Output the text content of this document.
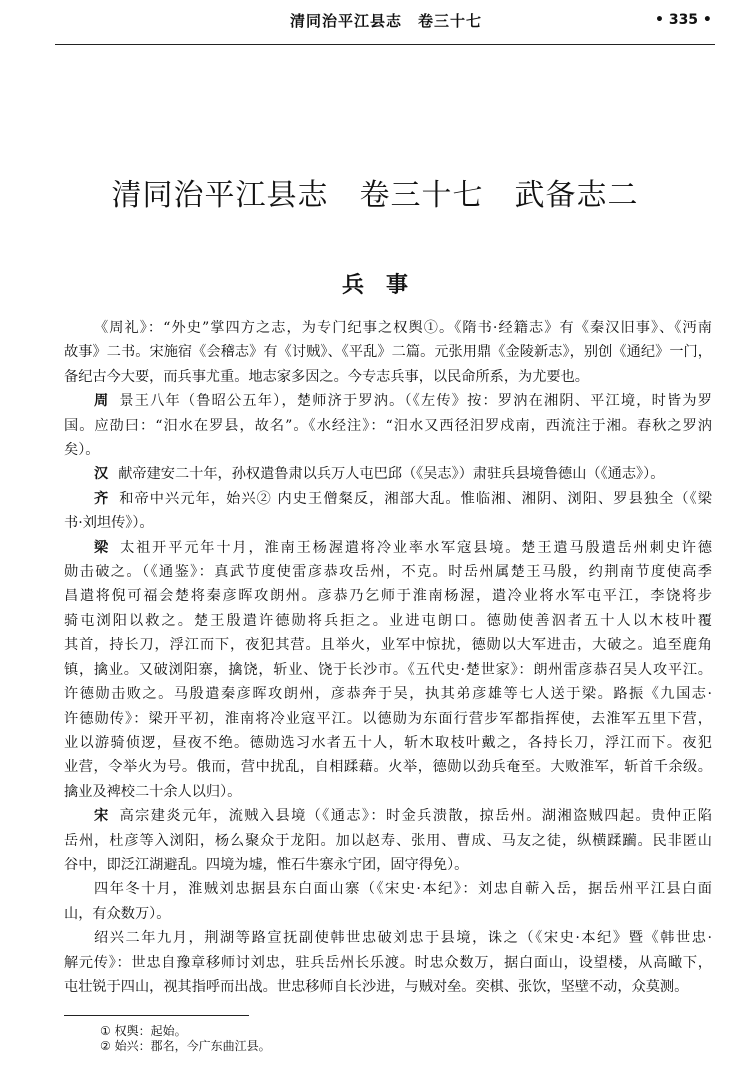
清同治平江县志　卷三十七	• 335 •
清同治平江县志　卷三十七　武备志二
兵　事
《周礼》：“外史”掌四方之志，为专门纪事之权舆①。《隋书·经籍志》有《秦汉旧事》、《沔南
故事》二书。宋施宿《会稽志》有《讨贼》、《平乱》二篇。元张用鼎《金陵新志》，别创《通纪》一门，
备纪古今大要，而兵事尤重。地志家多因之。今专志兵事，以民命所系，为尤要也。
周 景王八年（鲁昭公五年），楚师济于罗汭。（《左传》按：罗汭在湘阴、平江境，时皆为罗
国。应劭曰：“汨水在罗县，故名”。《水经注》：“汨水又西径汨罗戍南，西流注于湘。春秋之罗汭
矣）。
汉 献帝建安二十年，孙权遣鲁肃以兵万人屯巴邱（《吴志》）肃驻兵县境鲁德山（《通志》）。
齐 和帝中兴元年，始兴② 内史王僧粲反，湘部大乱。惟临湘、湘阴、浏阳、罗县独全（《梁
书·刘坦传》）。
梁 太祖开平元年十月，淮南王杨渥遣将冷业率水军寇县境。楚王遣马殷遣岳州刺史许德
勋击破之。（《通鉴》：真武节度使雷彦恭攻岳州，不克。时岳州属楚王马殷，约荆南节度使高季
昌遣将倪可福会楚将秦彦晖攻朗州。彦恭乃乞师于淮南杨渥，遣冷业将水军屯平江，李饶将步
骑屯浏阳以救之。楚王殷遣许德勋将兵拒之。业进屯朗口。德勋使善泅者五十人以木枝叶覆
其首，持长刀，浮江而下，夜犯其营。且举火，业军中惊扰，德勋以大军进击，大破之。追至鹿角
镇，擒业。又破浏阳寨，擒饶，斩业、饶于长沙市。《五代史·楚世家》：朗州雷彦恭召吴人攻平江。
许德勋击败之。马殷遣秦彦晖攻朗州，彦恭奔于吴，执其弟彦雄等七人送于梁。路振《九国志·
许德勋传》：梁开平初，淮南将冷业寇平江。以德勋为东面行营步军都指挥使，去淮军五里下营，
业以游骑侦逻，昼夜不绝。德勋选习水者五十人，斩木取枝叶戴之，各持长刀，浮江而下。夜犯
业营，令举火为号。俄而，营中扰乱，自相蹂藉。火举，德勋以劲兵奄至。大败淮军，斩首千余级。
擒业及裨校二十余人以归）。
宋 高宗建炎元年，流贼入县境（《通志》：时金兵溃散，掠岳州。湖湘盗贼四起。贵仲正陷
岳州，杜彦等入浏阳，杨么聚众于龙阳。加以赵寿、张用、曹成、马友之徒，纵横蹂躏。民非匿山
谷中，即泛江湖避乱。四境为墟，惟石牛寨永宁团，固守得免）。
四年冬十月，淮贼刘忠据县东白面山寨（《宋史·本纪》：刘忠自蕲入岳，据岳州平江县白面
山，有众数万）。
绍兴二年九月，荆湖等路宣抚副使韩世忠破刘忠于县境，诛之（《宋史·本纪》暨《韩世忠·
解元传》：世忠自豫章移师讨刘忠，驻兵岳州长乐渡。时忠众数万，据白面山，设望楼，从高瞰下，
屯壮锐于四山，视其指呼而出战。世忠移师自长沙进，与贼对垒。奕棋、张饮，坚壁不动，众莫测。
① 权舆：起始。
② 始兴：郡名，今广东曲江县。
